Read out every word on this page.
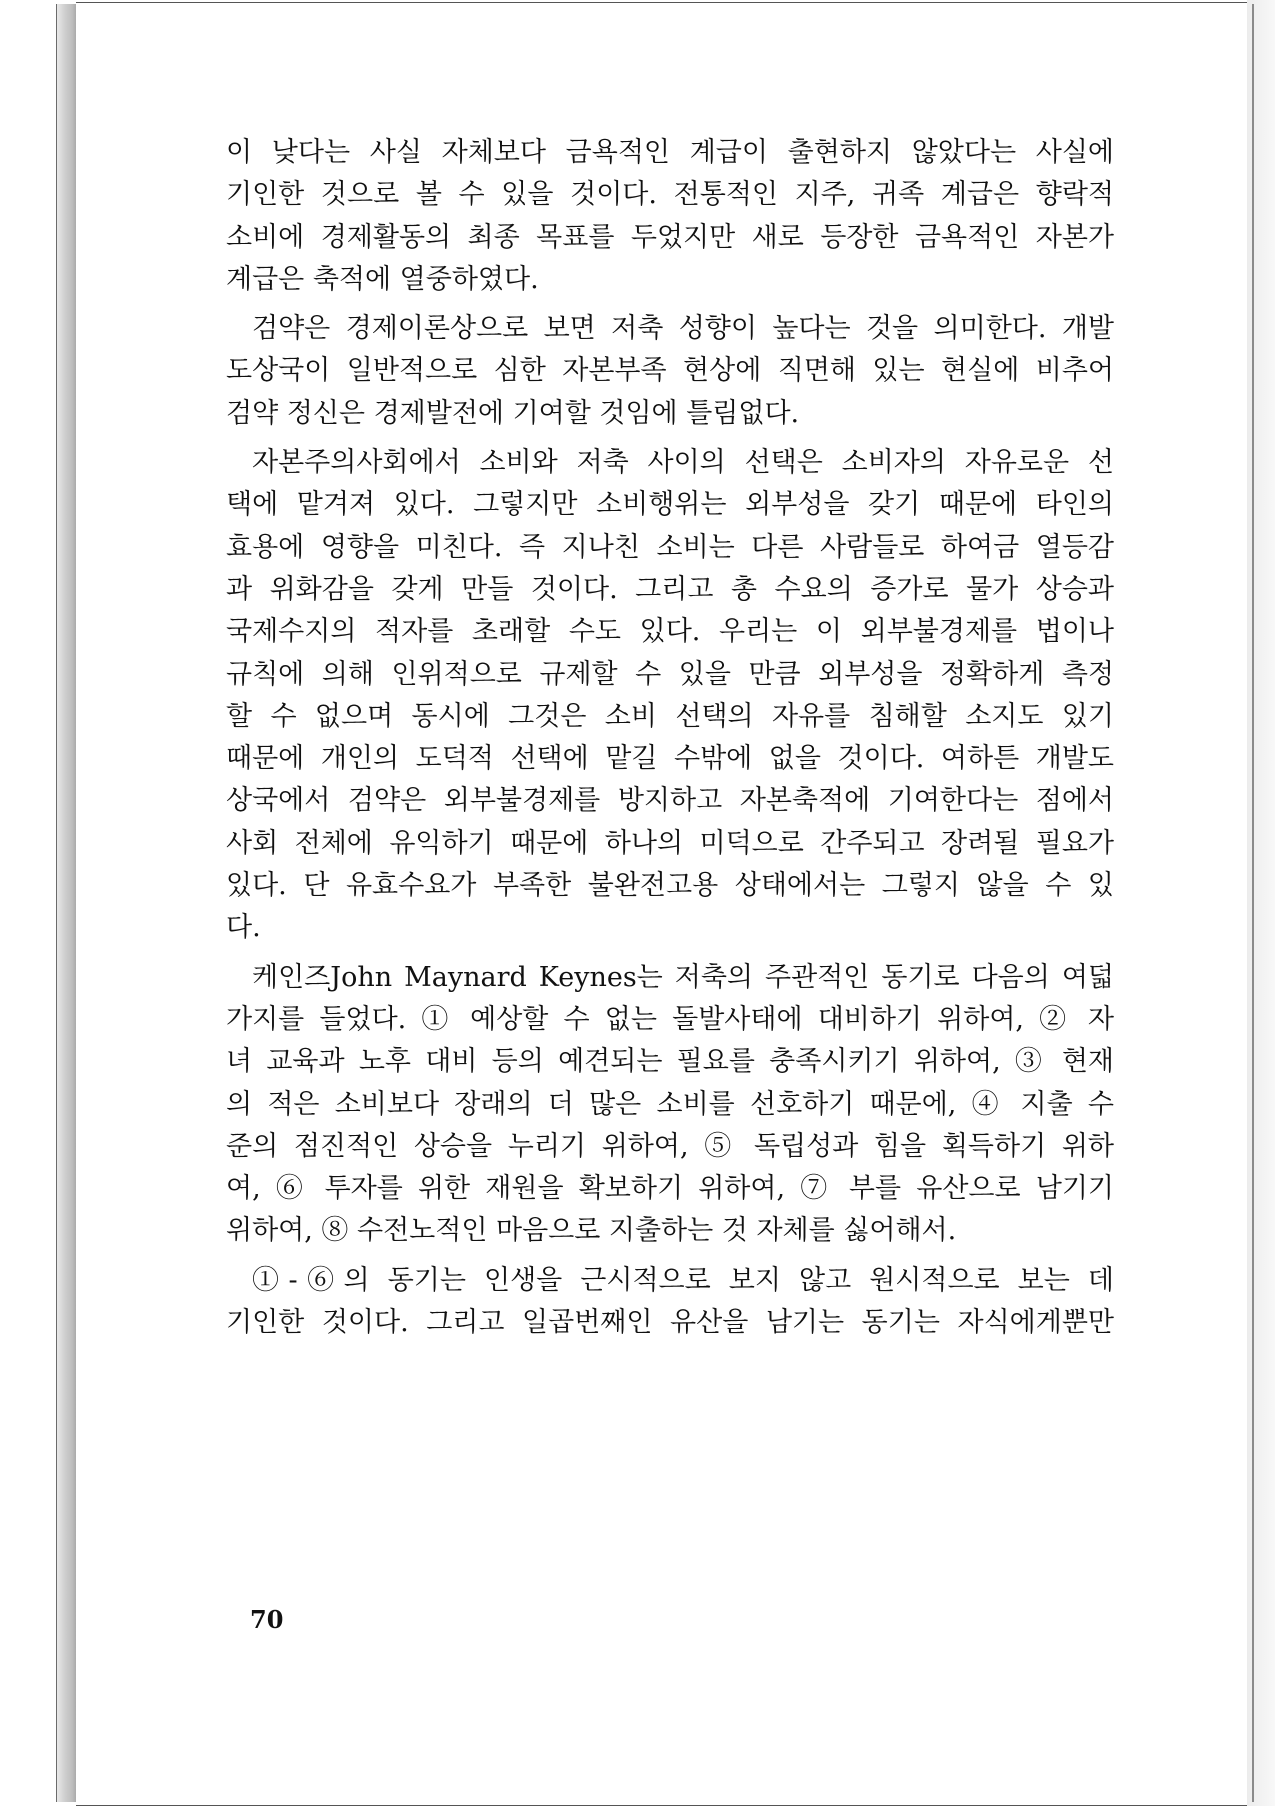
이 낮다는 사실 자체보다 금욕적인 계급이 출현하지 않았다는 사실에
기인한 것으로 볼 수 있을 것이다. 전통적인 지주, 귀족 계급은 향락적
소비에 경제활동의 최종 목표를 두었지만 새로 등장한 금욕적인 자본가
계급은 축적에 열중하였다.
검약은 경제이론상으로 보면 저축 성향이 높다는 것을 의미한다. 개발
도상국이 일반적으로 심한 자본부족 현상에 직면해 있는 현실에 비추어
검약 정신은 경제발전에 기여할 것임에 틀림없다.
자본주의사회에서 소비와 저축 사이의 선택은 소비자의 자유로운 선
택에 맡겨져 있다. 그렇지만 소비행위는 외부성을 갖기 때문에 타인의
효용에 영향을 미친다. 즉 지나친 소비는 다른 사람들로 하여금 열등감
과 위화감을 갖게 만들 것이다. 그리고 총 수요의 증가로 물가 상승과
국제수지의 적자를 초래할 수도 있다. 우리는 이 외부불경제를 법이나
규칙에 의해 인위적으로 규제할 수 있을 만큼 외부성을 정확하게 측정
할 수 없으며 동시에 그것은 소비 선택의 자유를 침해할 소지도 있기
때문에 개인의 도덕적 선택에 맡길 수밖에 없을 것이다. 여하튼 개발도
상국에서 검약은 외부불경제를 방지하고 자본축적에 기여한다는 점에서
사회 전체에 유익하기 때문에 하나의 미덕으로 간주되고 장려될 필요가
있다. 단 유효수요가 부족한 불완전고용 상태에서는 그렇지 않을 수 있
다.
케인즈John Maynard Keynes는 저축의 주관적인 동기로 다음의 여덟
가지를 들었다. ① 예상할 수 없는 돌발사태에 대비하기 위하여, ② 자
녀 교육과 노후 대비 등의 예견되는 필요를 충족시키기 위하여, ③ 현재
의 적은 소비보다 장래의 더 많은 소비를 선호하기 때문에, ④ 지출 수
준의 점진적인 상승을 누리기 위하여, ⑤ 독립성과 힘을 획득하기 위하
여, ⑥ 투자를 위한 재원을 확보하기 위하여, ⑦ 부를 유산으로 남기기
위하여, ⑧ 수전노적인 마음으로 지출하는 것 자체를 싫어해서.
①-⑥의 동기는 인생을 근시적으로 보지 않고 원시적으로 보는 데
기인한 것이다. 그리고 일곱번째인 유산을 남기는 동기는 자식에게뿐만
70
